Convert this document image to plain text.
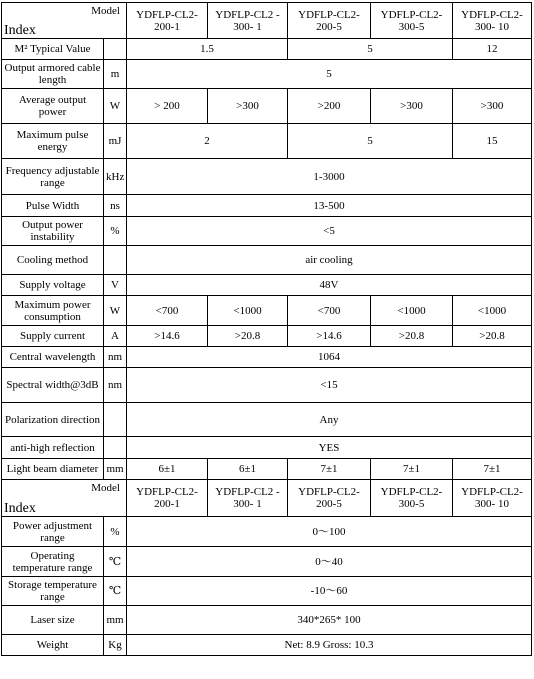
Model
Index		YDFLP-CL2-200-1	YDFLP-CL2 - 300- 1	YDFLP-CL2-200-5	YDFLP-CL2-300-5	YDFLP-CL2-300- 10
M² Typical Value		1.5		5		12
Output armored cable length	m	5				
Average output power	W	> 200	>300	>200	>300	>300
Maximum pulse energy	mJ	2		5		15
Frequency adjustable range	kHz	1-3000				
Pulse Width	ns	13-500				
Output power instability	%	<5				
Cooling method		air cooling				
Supply voltage	V	48V				
Maximum power consumption	W	<700	<1000	<700	<1000	<1000
Supply current	A	>14.6	>20.8	>14.6	>20.8	>20.8
Central wavelength	nm	1064				
Spectral width@3dB	nm	<15				
Polarization direction		Any				
anti-high reflection		YES				
Light beam diameter	mm	6±1	6±1	7±1	7±1	7±1

Model
Index		YDFLP-CL2-200-1	YDFLP-CL2 - 300- 1	YDFLP-CL2-200-5	YDFLP-CL2-300-5	YDFLP-CL2-300- 10
Power adjustment range	%	0～100				
Operating temperature range	℃	0～40				
Storage temperature range	℃	-10～60				
Laser size	mm	340*265* 100				
Weight	Kg	Net: 8.9 Gross: 10.3				
